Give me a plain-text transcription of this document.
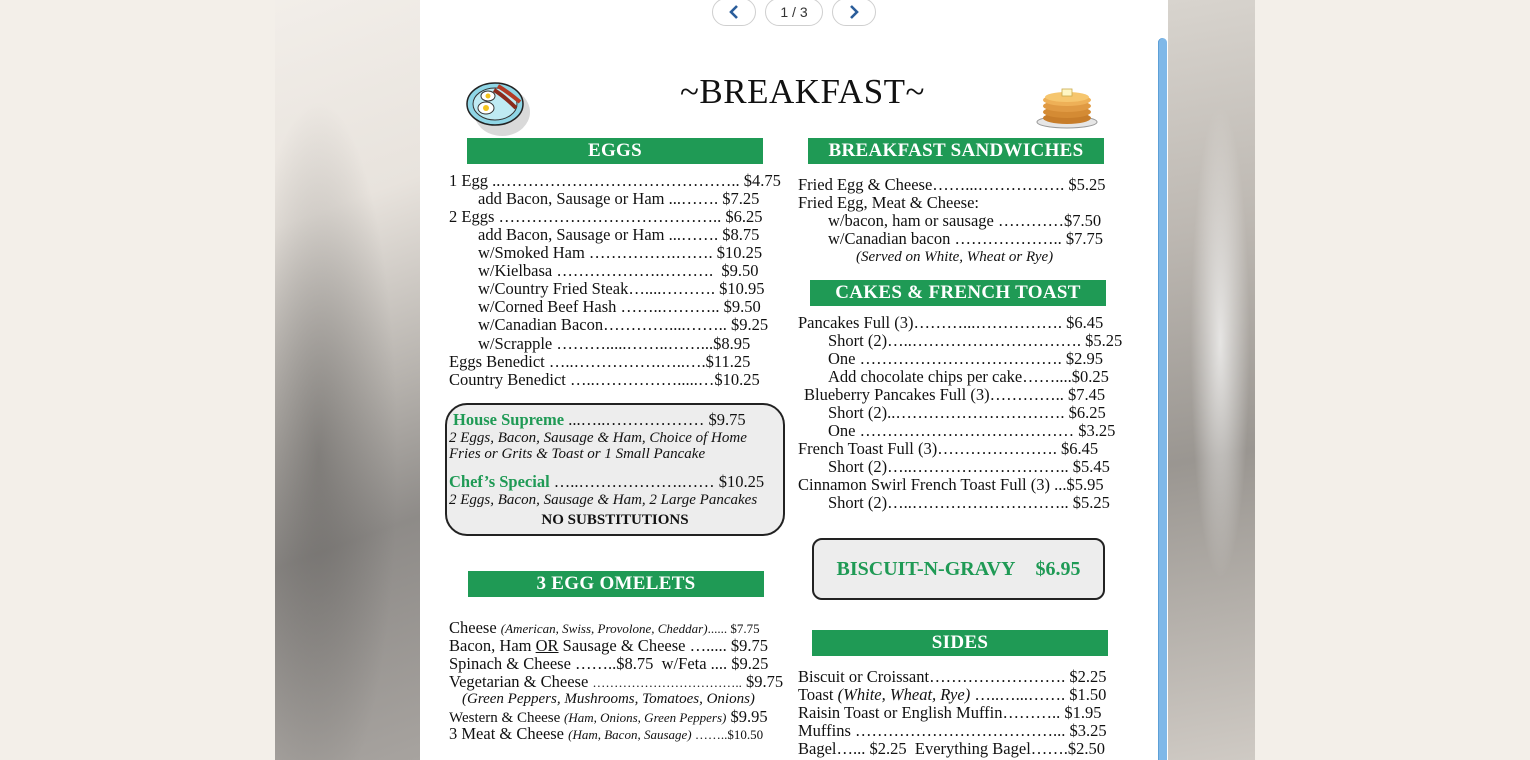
1 / 3
~BREAKFAST~
EGGS
1 Egg ..…………………………………….. $4.75
add Bacon, Sausage or Ham ...……. $7.25
2 Eggs ………………………………….. $6.25
add Bacon, Sausage or Ham ...……. $8.75
w/Smoked Ham …………….……. $10.25
w/Kielbasa ……………….……….  $9.50
w/Country Fried Steak…....………. $10.95
w/Corned Beef Hash ……..……….. $9.50
w/Canadian Bacon…………....…….. $9.25
w/Scrapple ……….....……..……...$8.95
Eggs Benedict …..…………….…..….$11.25
Country Benedict …..…………….....…$10.25
House Supreme ...…..……………… $9.75
2 Eggs, Bacon, Sausage & Ham, Choice of Home
Fries or Grits & Toast or 1 Small Pancake
Chef’s Special …..……………….…… $10.25
2 Eggs, Bacon, Sausage & Ham, 2 Large Pancakes
NO SUBSTITUTIONS
3 EGG OMELETS
Cheese (American, Swiss, Provolone, Cheddar)...... $7.75
Bacon, Ham OR Sausage & Cheese …..... $9.75
Spinach & Cheese ……..$8.75  w/Feta .... $9.25
Vegetarian & Cheese …………………………….. $9.75
(Green Peppers, Mushrooms, Tomatoes, Onions)
Western & Cheese (Ham, Onions, Green Peppers) $9.95
3 Meat & Cheese (Ham, Bacon, Sausage) ……..$10.50
BREAKFAST SANDWICHES
Fried Egg & Cheese……...……………. $5.25
Fried Egg, Meat & Cheese:
w/bacon, ham or sausage …………$7.50
w/Canadian bacon ……………….. $7.75
(Served on White, Wheat or Rye)
CAKES & FRENCH TOAST
Pancakes Full (3)………...……………. $6.45
Short (2)…..…………………………. $5.25
One ………………………………. $2.95
Add chocolate chips per cake……....$0.25
Blueberry Pancakes Full (3)………….. $7.45
Short (2)..…………………………. $6.25
One ………………………………… $3.25
French Toast Full (3)…………………. $6.45
Short (2)…..……………………….. $5.45
Cinnamon Swirl French Toast Full (3) ...$5.95
Short (2)…..……………………….. $5.25
BISCUIT-N-GRAVY $6.95
SIDES
Biscuit or Croissant……………………. $2.25
Toast (White, Wheat, Rye) …..…...……. $1.50
Raisin Toast or English Muffin……….. $1.95
Muffins ………………………………... $3.25
Bagel…... $2.25  Everything Bagel…….$2.50
